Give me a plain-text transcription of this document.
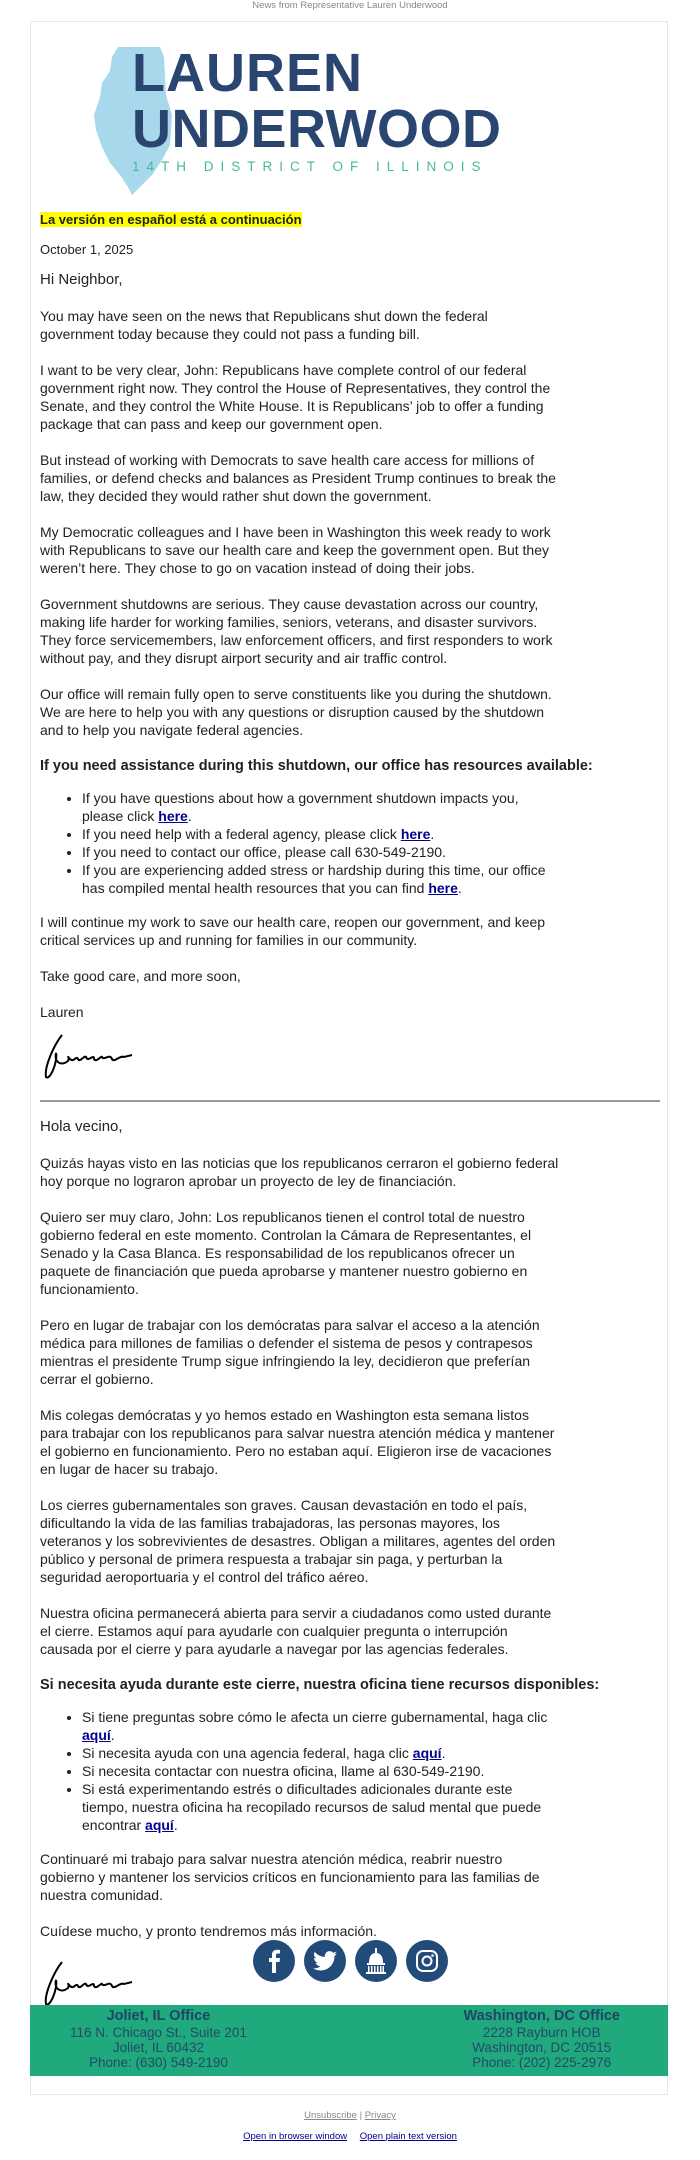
News from Representative Lauren Underwood
LAUREN
UNDERWOOD
14TH DISTRICT OF ILLINOIS

La versión en español está a continuación

October 1, 2025

Hi Neighbor,

You may have seen on the news that Republicans shut down the federal government today because they could not pass a funding bill.

I want to be very clear, John: Republicans have complete control of our federal government right now. They control the House of Representatives, they control the Senate, and they control the White House. It is Republicans’ job to offer a funding package that can pass and keep our government open.

But instead of working with Democrats to save health care access for millions of families, or defend checks and balances as President Trump continues to break the law, they decided they would rather shut down the government.

My Democratic colleagues and I have been in Washington this week ready to work with Republicans to save our health care and keep the government open. But they weren’t here. They chose to go on vacation instead of doing their jobs.

Government shutdowns are serious. They cause devastation across our country, making life harder for working families, seniors, veterans, and disaster survivors. They force servicemembers, law enforcement officers, and first responders to work without pay, and they disrupt airport security and air traffic control.

Our office will remain fully open to serve constituents like you during the shutdown. We are here to help you with any questions or disruption caused by the shutdown and to help you navigate federal agencies.

If you need assistance during this shutdown, our office has resources available:
• If you have questions about how a government shutdown impacts you, please click here.
• If you need help with a federal agency, please click here.
• If you need to contact our office, please call 630-549-2190.
• If you are experiencing added stress or hardship during this time, our office has compiled mental health resources that you can find here.

I will continue my work to save our health care, reopen our government, and keep critical services up and running for families in our community.

Take good care, and more soon,

Lauren

Hola vecino,

Quizás hayas visto en las noticias que los republicanos cerraron el gobierno federal hoy porque no lograron aprobar un proyecto de ley de financiación.

Quiero ser muy claro, John: Los republicanos tienen el control total de nuestro gobierno federal en este momento. Controlan la Cámara de Representantes, el Senado y la Casa Blanca. Es responsabilidad de los republicanos ofrecer un paquete de financiación que pueda aprobarse y mantener nuestro gobierno en funcionamiento.

Pero en lugar de trabajar con los demócratas para salvar el acceso a la atención médica para millones de familias o defender el sistema de pesos y contrapesos mientras el presidente Trump sigue infringiendo la ley, decidieron que preferían cerrar el gobierno.

Mis colegas demócratas y yo hemos estado en Washington esta semana listos para trabajar con los republicanos para salvar nuestra atención médica y mantener el gobierno en funcionamiento. Pero no estaban aquí. Eligieron irse de vacaciones en lugar de hacer su trabajo.

Los cierres gubernamentales son graves. Causan devastación en todo el país, dificultando la vida de las familias trabajadoras, las personas mayores, los veteranos y los sobrevivientes de desastres. Obligan a militares, agentes del orden público y personal de primera respuesta a trabajar sin paga, y perturban la seguridad aeroportuaria y el control del tráfico aéreo.

Nuestra oficina permanecerá abierta para servir a ciudadanos como usted durante el cierre. Estamos aquí para ayudarle con cualquier pregunta o interrupción causada por el cierre y para ayudarle a navegar por las agencias federales.

Si necesita ayuda durante este cierre, nuestra oficina tiene recursos disponibles:
• Si tiene preguntas sobre cómo le afecta un cierre gubernamental, haga clic aquí.
• Si necesita ayuda con una agencia federal, haga clic aquí.
• Si necesita contactar con nuestra oficina, llame al 630-549-2190.
• Si está experimentando estrés o dificultades adicionales durante este tiempo, nuestra oficina ha recopilado recursos de salud mental que puede encontrar aquí.

Continuaré mi trabajo para salvar nuestra atención médica, reabrir nuestro gobierno y mantener los servicios críticos en funcionamiento para las familias de nuestra comunidad.

Cuídese mucho, y pronto tendremos más información.

Joliet, IL Office
116 N. Chicago St., Suite 201
Joliet, IL 60432
Phone: (630) 549-2190
Washington, DC Office
2228 Rayburn HOB
Washington, DC 20515
Phone: (202) 225-2976
Unsubscribe | Privacy
Open in browser window Open plain text version
